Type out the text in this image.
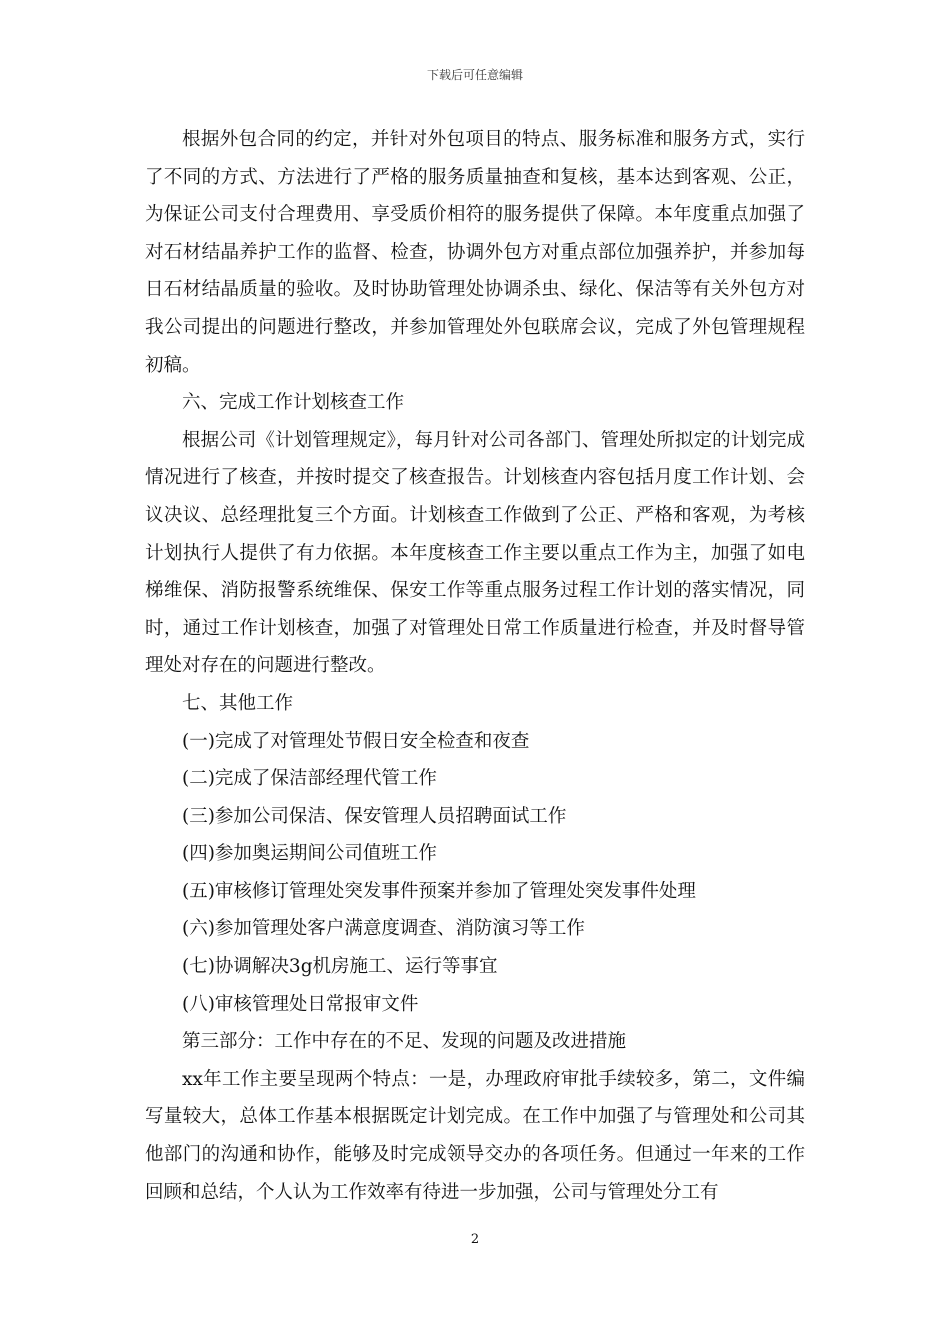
下载后可任意编辑

根据外包合同的约定，并针对外包项目的特点、服务标准和服务方式，实行了不同的方式、方法进行了严格的服务质量抽查和复核，基本达到客观、公正，为保证公司支付合理费用、享受质价相符的服务提供了保障。本年度重点加强了对石材结晶养护工作的监督、检查，协调外包方对重点部位加强养护，并参加每日石材结晶质量的验收。及时协助管理处协调杀虫、绿化、保洁等有关外包方对我公司提出的问题进行整改，并参加管理处外包联席会议，完成了外包管理规程初稿。

六、完成工作计划核查工作

根据公司《计划管理规定》，每月针对公司各部门、管理处所拟定的计划完成情况进行了核查，并按时提交了核查报告。计划核查内容包括月度工作计划、会议决议、总经理批复三个方面。计划核查工作做到了公正、严格和客观，为考核计划执行人提供了有力依据。本年度核查工作主要以重点工作为主，加强了如电梯维保、消防报警系统维保、保安工作等重点服务过程工作计划的落实情况，同时，通过工作计划核查，加强了对管理处日常工作质量进行检查，并及时督导管理处对存在的问题进行整改。

七、其他工作

(一)完成了对管理处节假日安全检查和夜查

(二)完成了保洁部经理代管工作

(三)参加公司保洁、保安管理人员招聘面试工作

(四)参加奥运期间公司值班工作

(五)审核修订管理处突发事件预案并参加了管理处突发事件处理

(六)参加管理处客户满意度调查、消防演习等工作

(七)协调解决3g机房施工、运行等事宜

(八)审核管理处日常报审文件

第三部分：工作中存在的不足、发现的问题及改进措施

xx年工作主要呈现两个特点：一是，办理政府审批手续较多，第二，文件编写量较大，总体工作基本根据既定计划完成。在工作中加强了与管理处和公司其他部门的沟通和协作，能够及时完成领导交办的各项任务。但通过一年来的工作回顾和总结，个人认为工作效率有待进一步加强，公司与管理处分工有

2
